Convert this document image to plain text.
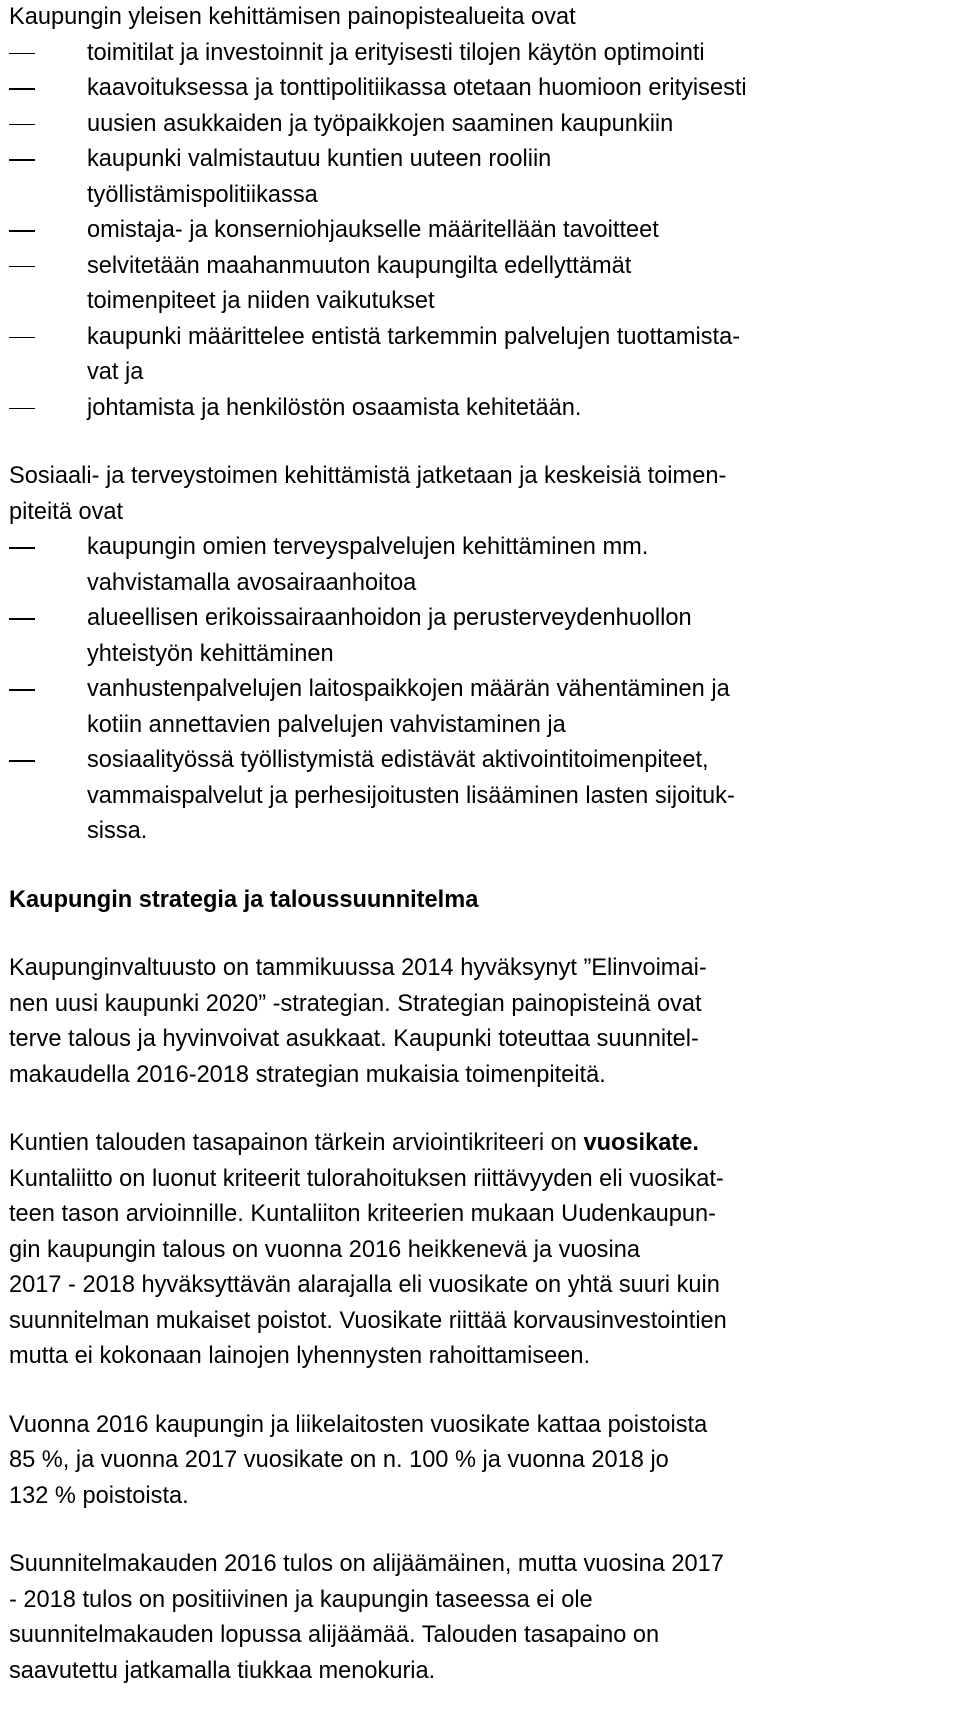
Kaupungin yleisen kehittämisen painopistealueita ovat
toimitilat ja investoinnit ja erityisesti tilojen käytön optimointi
kaavoituksessa ja tonttipolitiikassa otetaan huomioon erityisesti
uusien asukkaiden ja työpaikkojen saaminen kaupunkiin
kaupunki valmistautuu kuntien uuteen rooliin
työllistämispolitiikassa
omistaja- ja konserniohjaukselle määritellään tavoitteet
selvitetään maahanmuuton kaupungilta edellyttämät
toimenpiteet ja niiden vaikutukset
kaupunki määrittelee entistä tarkemmin palvelujen tuottamista-
vat ja
johtamista ja henkilöstön osaamista kehitetään.
Sosiaali- ja terveystoimen kehittämistä jatketaan ja keskeisiä toimen-
piteitä ovat
kaupungin omien terveyspalvelujen kehittäminen mm.
vahvistamalla avosairaanhoitoa
alueellisen erikoissairaanhoidon ja perusterveydenhuollon
yhteistyön kehittäminen
vanhustenpalvelujen laitospaikkojen määrän vähentäminen ja
kotiin annettavien palvelujen vahvistaminen ja
sosiaalityössä työllistymistä edistävät aktivointitoimenpiteet,
vammaispalvelut ja perhesijoitusten lisääminen lasten sijoituk-
sissa.
Kaupungin strategia ja taloussuunnitelma
Kaupunginvaltuusto on tammikuussa 2014 hyväksynyt ”Elinvoimai-
nen uusi kaupunki 2020” -strategian. Strategian painopisteinä ovat
terve talous ja hyvinvoivat asukkaat. Kaupunki toteuttaa suunnitel-
makaudella 2016-2018 strategian mukaisia toimenpiteitä.
Kuntien talouden tasapainon tärkein arviointikriteeri on vuosikate.
Kuntaliitto on luonut kriteerit tulorahoituksen riittävyyden eli vuosikat-
teen tason arvioinnille. Kuntaliiton kriteerien mukaan Uudenkaupun-
gin kaupungin talous on vuonna 2016 heikkenevä ja vuosina
2017 - 2018 hyväksyttävän alarajalla eli vuosikate on yhtä suuri kuin
suunnitelman mukaiset poistot. Vuosikate riittää korvausinvestointien
mutta ei kokonaan lainojen lyhennysten rahoittamiseen.
Vuonna 2016 kaupungin ja liikelaitosten vuosikate kattaa poistoista
85 %, ja vuonna 2017 vuosikate on n. 100 % ja vuonna 2018 jo
132 % poistoista.
Suunnitelmakauden 2016 tulos on alijäämäinen, mutta vuosina 2017
- 2018 tulos on positiivinen ja kaupungin taseessa ei ole
suunnitelmakauden lopussa alijäämää. Talouden tasapaino on
saavutettu jatkamalla tiukkaa menokuria.
